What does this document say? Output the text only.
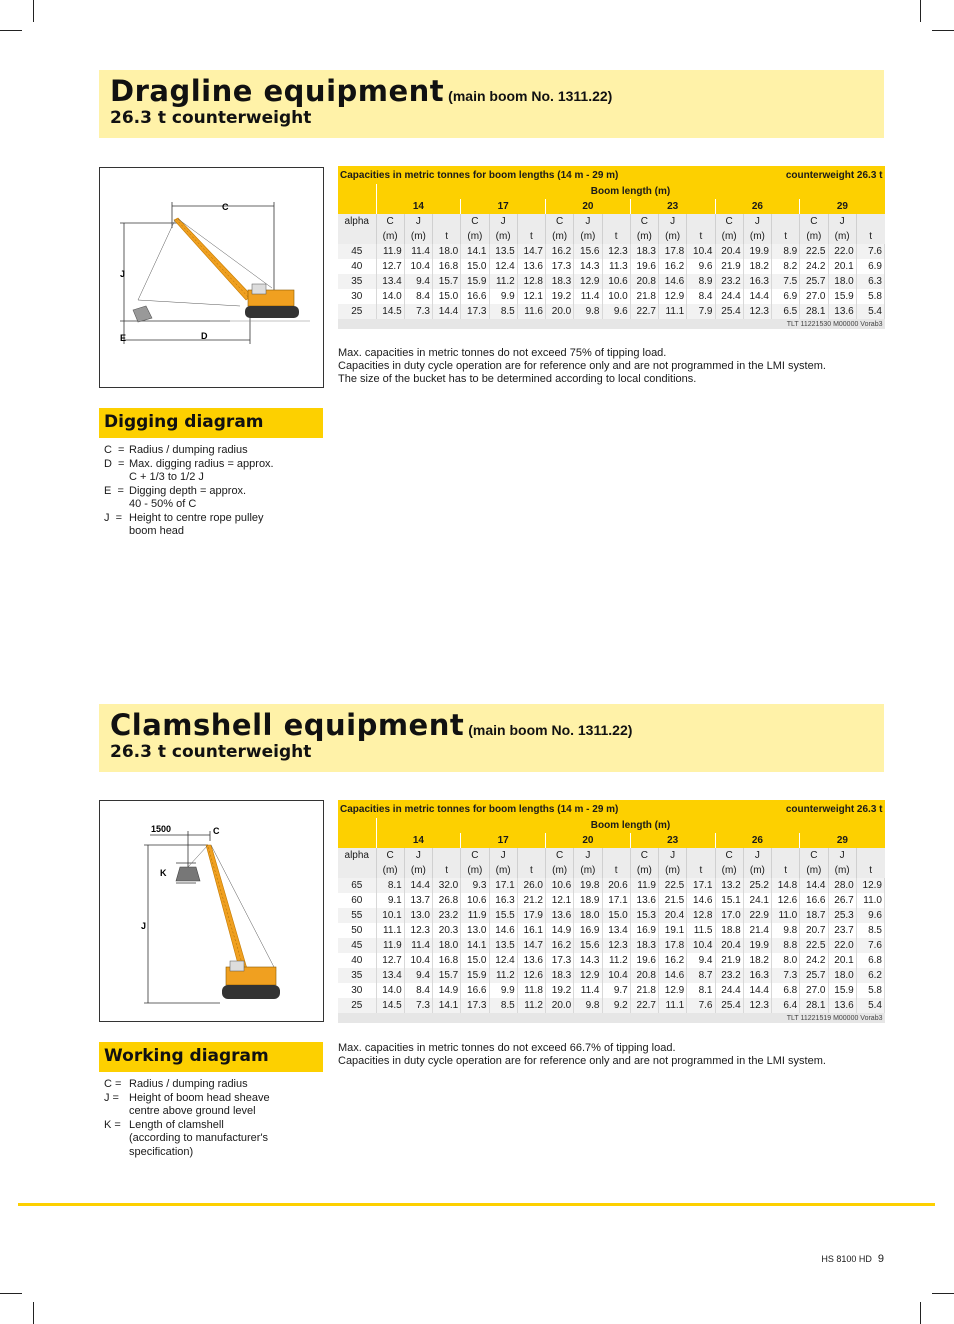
Dragline equipment (main boom No. 1311.22)
26.3 t counterweight
C
J
E	D
Capacities in metric tonnes for boom lengths (14 m - 29 m)										counterweight 26.3 t								
	Boom length (m)																	
	14			17			20			23			26			29		
alpha	C	J		C	J		C	J		C	J		C	J		C	J	
	(m)	(m)	t	(m)	(m)	t	(m)	(m)	t	(m)	(m)	t	(m)	(m)	t	(m)	(m)	t
45	11.9	11.4	18.0	14.1	13.5	14.7	16.2	15.6	12.3	18.3	17.8	10.4	20.4	19.9	8.9	22.5	22.0	7.6
40	12.7	10.4	16.8	15.0	12.4	13.6	17.3	14.3	11.3	19.6	16.2	9.6	21.9	18.2	8.2	24.2	20.1	6.9
35	13.4	9.4	15.7	15.9	11.2	12.8	18.3	12.9	10.6	20.8	14.6	8.9	23.2	16.3	7.5	25.7	18.0	6.3
30	14.0	8.4	15.0	16.6	9.9	12.1	19.2	11.4	10.0	21.8	12.9	8.4	24.4	14.4	6.9	27.0	15.9	5.8
25	14.5	7.3	14.4	17.3	8.5	11.6	20.0	9.8	9.6	22.7	11.1	7.9	25.4	12.3	6.5	28.1	13.6	5.4
TLT 11221530 M00000 Vorab3																		
Max. capacities in metric tonnes do not exceed 75% of tipping load.
Capacities in duty cycle operation are for reference only and are not programmed in the LMI system.
The size of the bucket has to be determined according to local conditions.
Digging diagram
C  = Radius / dumping radius
D  = Max. digging radius = approx.
C + 1/3 to 1/2 J
E  = Digging depth = approx.
40 - 50% of C
J  = Height to centre rope pulley
boom head
Clamshell equipment (main boom No. 1311.22)
26.3 t counterweight
1500	C
K
J
Capacities in metric tonnes for boom lengths (14 m - 29 m)										counterweight 26.3 t								
	Boom length (m)																	
	14			17			20			23			26			29		
alpha	C	J		C	J		C	J		C	J		C	J		C	J	
	(m)	(m)	t	(m)	(m)	t	(m)	(m)	t	(m)	(m)	t	(m)	(m)	t	(m)	(m)	t
65	8.1	14.4	32.0	9.3	17.1	26.0	10.6	19.8	20.6	11.9	22.5	17.1	13.2	25.2	14.8	14.4	28.0	12.9
60	9.1	13.7	26.8	10.6	16.3	21.2	12.1	18.9	17.1	13.6	21.5	14.6	15.1	24.1	12.6	16.6	26.7	11.0
55	10.1	13.0	23.2	11.9	15.5	17.9	13.6	18.0	15.0	15.3	20.4	12.8	17.0	22.9	11.0	18.7	25.3	9.6
50	11.1	12.3	20.3	13.0	14.6	16.1	14.9	16.9	13.4	16.9	19.1	11.5	18.8	21.4	9.8	20.7	23.7	8.5
45	11.9	11.4	18.0	14.1	13.5	14.7	16.2	15.6	12.3	18.3	17.8	10.4	20.4	19.9	8.8	22.5	22.0	7.6
40	12.7	10.4	16.8	15.0	12.4	13.6	17.3	14.3	11.2	19.6	16.2	9.4	21.9	18.2	8.0	24.2	20.1	6.8
35	13.4	9.4	15.7	15.9	11.2	12.6	18.3	12.9	10.4	20.8	14.6	8.7	23.2	16.3	7.3	25.7	18.0	6.2
30	14.0	8.4	14.9	16.6	9.9	11.8	19.2	11.4	9.7	21.8	12.9	8.1	24.4	14.4	6.8	27.0	15.9	5.8
25	14.5	7.3	14.1	17.3	8.5	11.2	20.0	9.8	9.2	22.7	11.1	7.6	25.4	12.3	6.4	28.1	13.6	5.4
TLT 11221519 M00000 Vorab3																		
Max. capacities in metric tonnes do not exceed 66.7% of tipping load.
Capacities in duty cycle operation are for reference only and are not programmed in the LMI system.
Working diagram
C = Radius / dumping radius
J = Height of boom head sheave
centre above ground level
K = Length of clamshell
(according to manufacturer's
specification)
HS 8100 HD 9
